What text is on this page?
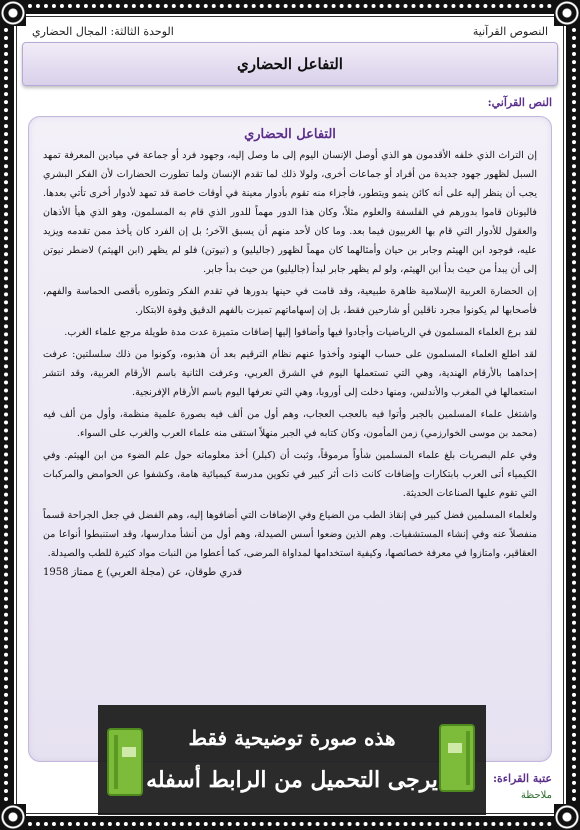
النصوص القرآنية
الوحدة الثالثة: المجال الحضاري
التفاعل الحضاري
النص القرآني:
التفاعل الحضاري

إن التراث الذي خلفه الأقدمون هو الذي أوصل الإنسان اليوم إلى ما وصل إليه، وجهود فرد أو جماعة في ميادين المعرفة تمهد السبل لظهور جهود جديدة من أفراد أو جماعات أخرى، ولولا ذلك لما تقدم الإنسان ولما تطورت الحضارات لأن الفكر البشري يجب أن ينظر إليه على أنه كائن ينمو ويتطور، فأجزاء منه تقوم بأدوار معينة في أوقات خاصة قد تمهد لأدوار أخرى تأتي بعدها. فاليونان قاموا بدورهم في الفلسفة والعلوم مثلاً، وكان هذا الدور مهماً للدور الذي قام به المسلمون، وهو الذي هيأ الأذهان والعقول للأدوار التي قام بها الغربيون فيما بعد. وما كان لأحد منهم أن يسبق الآخر؛ بل إن الفرد كان يأخذ ممن تقدمه ويزيد عليه، فوجود ابن الهيثم وجابر بن حيان وأمثالهما كان مهماً لظهور (جاليليو) و (نيوتن) فلو لم يظهر (ابن الهيثم) لاضطر نيوتن إلى أن يبدأ من حيث بدأ ابن الهيثم، ولو لم يظهر جابر لبدأ (جاليليو) من حيث بدأ جابر.

إن الحضارة العربية الإسلامية ظاهرة طبيعية، وقد قامت في حينها بدورها في تقدم الفكر وتطوره بأقصى الحماسة والفهم، فأصحابها لم يكونوا مجرد ناقلين أو شارحين فقط، بل إن إسهاماتهم تميزت بالفهم الدقيق وقوة الابتكار.

لقد برع العلماء المسلمون في الرياضيات وأجادوا فيها وأضافوا إليها إضافات متميزة عدت مدة طويلة مرجع علماء الغرب.

لقد اطلع العلماء المسلمون على حساب الهنود وأخذوا عنهم نظام الترقيم بعد أن هذبوه، وكونوا من ذلك سلسلتين: عرفت إحداهما بالأرقام الهندية، وهي التي تستعملها اليوم في الشرق العربي، وعرفت الثانية باسم الأرقام العربية، وقد انتشر استعمالها في المغرب والأندلس، ومنها دخلت إلى أوروبا، وهي التي نعرفها اليوم باسم الأرقام الإفرنجية.

واشتغل علماء المسلمين بالجبر وأتوا فيه بالعجب العجاب، وهم أول من ألف فيه بصورة علمية منظمة، وأول من ألف فيه (محمد بن موسى الخوارزمي) زمن المأمون، وكان كتابه في الجبر منهلاً استقى منه علماء العرب والغرب على السواء.

وفي علم البصريات بلغ علماء المسلمين شأواً مرموقاً، وثبت أن (كبلر) أخذ معلوماته حول علم الضوء من ابن الهيثم. وفي الكيمياء أتى العرب بابتكارات وإضافات كانت ذات أثر كبير في تكوين مدرسة كيميائية هامة، وكشفوا عن الحوامض والمركبات التي تقوم عليها الصناعات الحديثة.

ولعلماء المسلمين فضل كبير في إنقاذ الطب من الضياع وفي الإضافات التي أضافوها إليه، وهم الفضل في جعل الجراحة قسماً منفصلاً عنه وفي إنشاء المستشفيات. وهم الذين وضعوا أسس الصيدلة، وهم أول من أنشأ مدارسها، وقد استنبطوا أنواعا من العقاقير، وامتازوا في معرفة خصائصها، وكيفية استخدامها لمداواة المرضى، كما أعطوا من النبات مواد كثيرة للطب والصيدلة.

قدري طوقان، عن (مجلة العربي) ع ممتاز 1958
عتبة القراءة:
ملاحظة
هذه صورة توضيحية فقط
يرجى التحميل من الرابط أسفله
